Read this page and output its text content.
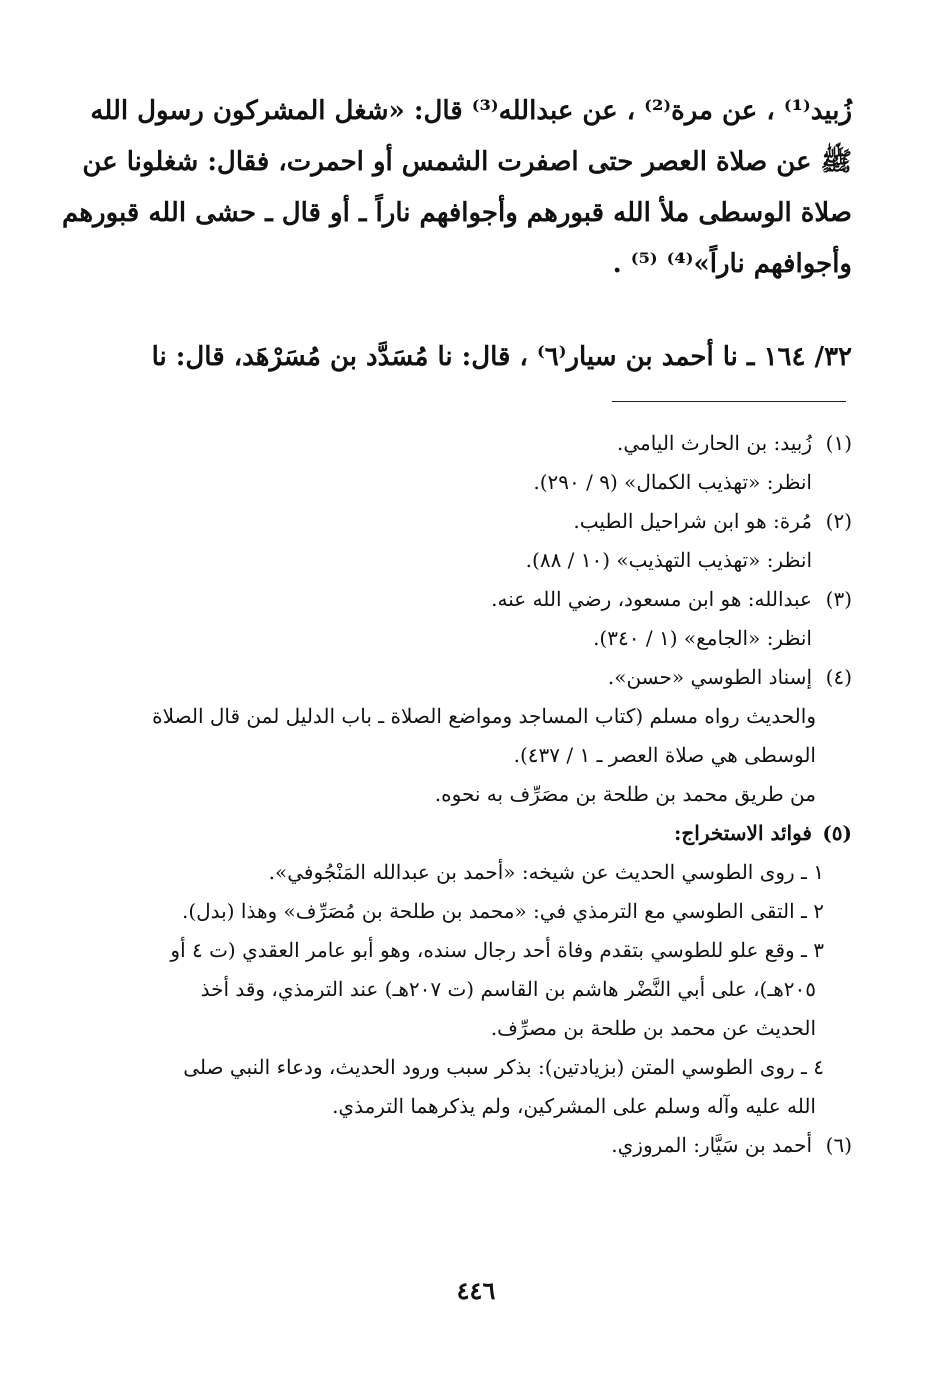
زُبيد⁽¹⁾ ، عن مرة⁽²⁾ ، عن عبدالله⁽³⁾ قال: «شغل المشركون رسول الله
ﷺ عن صلاة العصر حتى اصفرت الشمس أو احمرت، فقال: شغلونا عن
صلاة الوسطى ملأ الله قبورهم وأجوافهم ناراً ـ أو قال ـ حشى الله قبورهم
وأجوافهم ناراً»⁽⁴⁾ ⁽⁵⁾ .
٣٢/ ١٦٤ ـ نا أحمد بن سيار⁽٦⁾ ، قال: نا مُسَدَّد بن مُسَرْهَد، قال: نا
(١)زُبيد: بن الحارث اليامي.
انظر: «تهذيب الكمال» (٩ / ٢٩٠).
(٢)مُرة: هو ابن شراحيل الطيب.
انظر: «تهذيب التهذيب» (١٠ / ٨٨).
(٣)عبدالله: هو ابن مسعود، رضي الله عنه.
انظر: «الجامع» (١ / ٣٤٠).
(٤)إسناد الطوسي «حسن».
والحديث رواه مسلم (كتاب المساجد ومواضع الصلاة ـ باب الدليل لمن قال الصلاة
الوسطى هي صلاة العصر ـ ١ / ٤٣٧).
من طريق محمد بن طلحة بن مصَرِّف به نحوه.
(٥)فوائد الاستخراج:
١ ـ روى الطوسي الحديث عن شيخه: «أحمد بن عبدالله المَنْجُوفي».
٢ ـ التقى الطوسي مع الترمذي في: «محمد بن طلحة بن مُصَرِّف» وهذا (بدل).
٣ ـ وقع علو للطوسي بتقدم وفاة أحد رجال سنده، وهو أبو عامر العقدي (ت ٤ أو
٢٠٥هـ)، على أبي النَّضْر هاشم بن القاسم (ت ٢٠٧هـ) عند الترمذي، وقد أخذ
الحديث عن محمد بن طلحة بن مصرِّف.
٤ ـ روى الطوسي المتن (بزيادتين): بذكر سبب ورود الحديث، ودعاء النبي صلى
الله عليه وآله وسلم على المشركين، ولم يذكرهما الترمذي.
(٦)أحمد بن سَيَّار: المروزي.
٤٤٦
